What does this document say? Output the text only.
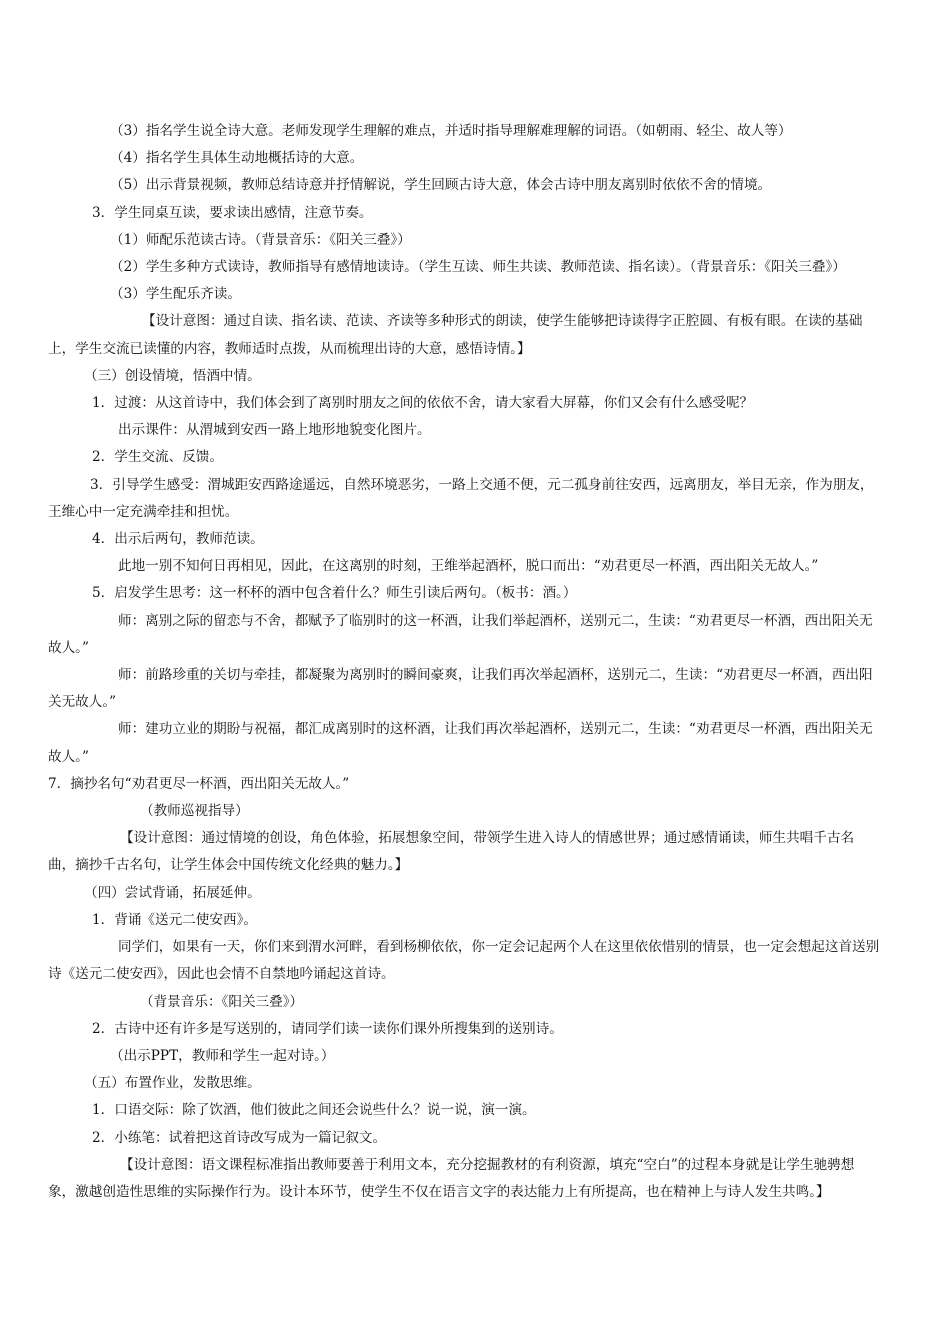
（3）指名学生说全诗大意。老师发现学生理解的难点，并适时指导理解难理解的词语。（如朝雨、轻尘、故人等）

（4）指名学生具体生动地概括诗的大意。

（5）出示背景视频，教师总结诗意并抒情解说，学生回顾古诗大意，体会古诗中朋友离别时依依不舍的情境。

3．学生同桌互读，要求读出感情，注意节奏。

（1）师配乐范读古诗。（背景音乐：《阳关三叠》）

（2）学生多种方式读诗，教师指导有感情地读诗。（学生互读、师生共读、教师范读、指名读）。（背景音乐：《阳关三叠》）

（3）学生配乐齐读。

【设计意图：通过自读、指名读、范读、齐读等多种形式的朗读，使学生能够把诗读得字正腔圆、有板有眼。在读的基础上，学生交流已读懂的内容，教师适时点拨，从而梳理出诗的大意，感悟诗情。】

（三）创设情境，悟酒中情。

1．过渡：从这首诗中，我们体会到了离别时朋友之间的依依不舍，请大家看大屏幕，你们又会有什么感受呢？

出示课件：从渭城到安西一路上地形地貌变化图片。

2．学生交流、反馈。

3．引导学生感受：渭城距安西路途遥远，自然环境恶劣，一路上交通不便，元二孤身前往安西，远离朋友，举目无亲，作为朋友，王维心中一定充满牵挂和担忧。

4．出示后两句，教师范读。

此地一别不知何日再相见，因此，在这离别的时刻，王维举起酒杯，脱口而出：“劝君更尽一杯酒，西出阳关无故人。”

5．启发学生思考：这一杯杯的酒中包含着什么？师生引读后两句。（板书：酒。）

师：离别之际的留恋与不舍，都赋予了临别时的这一杯酒，让我们举起酒杯，送别元二，生读：“劝君更尽一杯酒，西出阳关无故人。”

师：前路珍重的关切与牵挂，都凝聚为离别时的瞬间豪爽，让我们再次举起酒杯，送别元二，生读：“劝君更尽一杯酒，西出阳关无故人。”

师：建功立业的期盼与祝福，都汇成离别时的这杯酒，让我们再次举起酒杯，送别元二，生读：“劝君更尽一杯酒，西出阳关无故人。”

7．摘抄名句“劝君更尽一杯酒，西出阳关无故人。”

（教师巡视指导）

【设计意图：通过情境的创设，角色体验，拓展想象空间，带领学生进入诗人的情感世界；通过感情诵读，师生共唱千古名曲，摘抄千古名句，让学生体会中国传统文化经典的魅力。】

（四）尝试背诵，拓展延伸。

1．背诵《送元二使安西》。

同学们，如果有一天，你们来到渭水河畔，看到杨柳依依，你一定会记起两个人在这里依依惜别的情景，也一定会想起这首送别诗《送元二使安西》，因此也会情不自禁地吟诵起这首诗。

（背景音乐：《阳关三叠》）

2．古诗中还有许多是写送别的，请同学们读一读你们课外所搜集到的送别诗。

（出示PPT，教师和学生一起对诗。）

（五）布置作业，发散思维。

1．口语交际：除了饮酒，他们彼此之间还会说些什么？说一说，演一演。

2．小练笔：试着把这首诗改写成为一篇记叙文。

【设计意图：语文课程标准指出教师要善于利用文本，充分挖掘教材的有利资源，填充“空白”的过程本身就是让学生驰骋想象，激越创造性思维的实际操作行为。设计本环节，使学生不仅在语言文字的表达能力上有所提高，也在精神上与诗人发生共鸣。】
